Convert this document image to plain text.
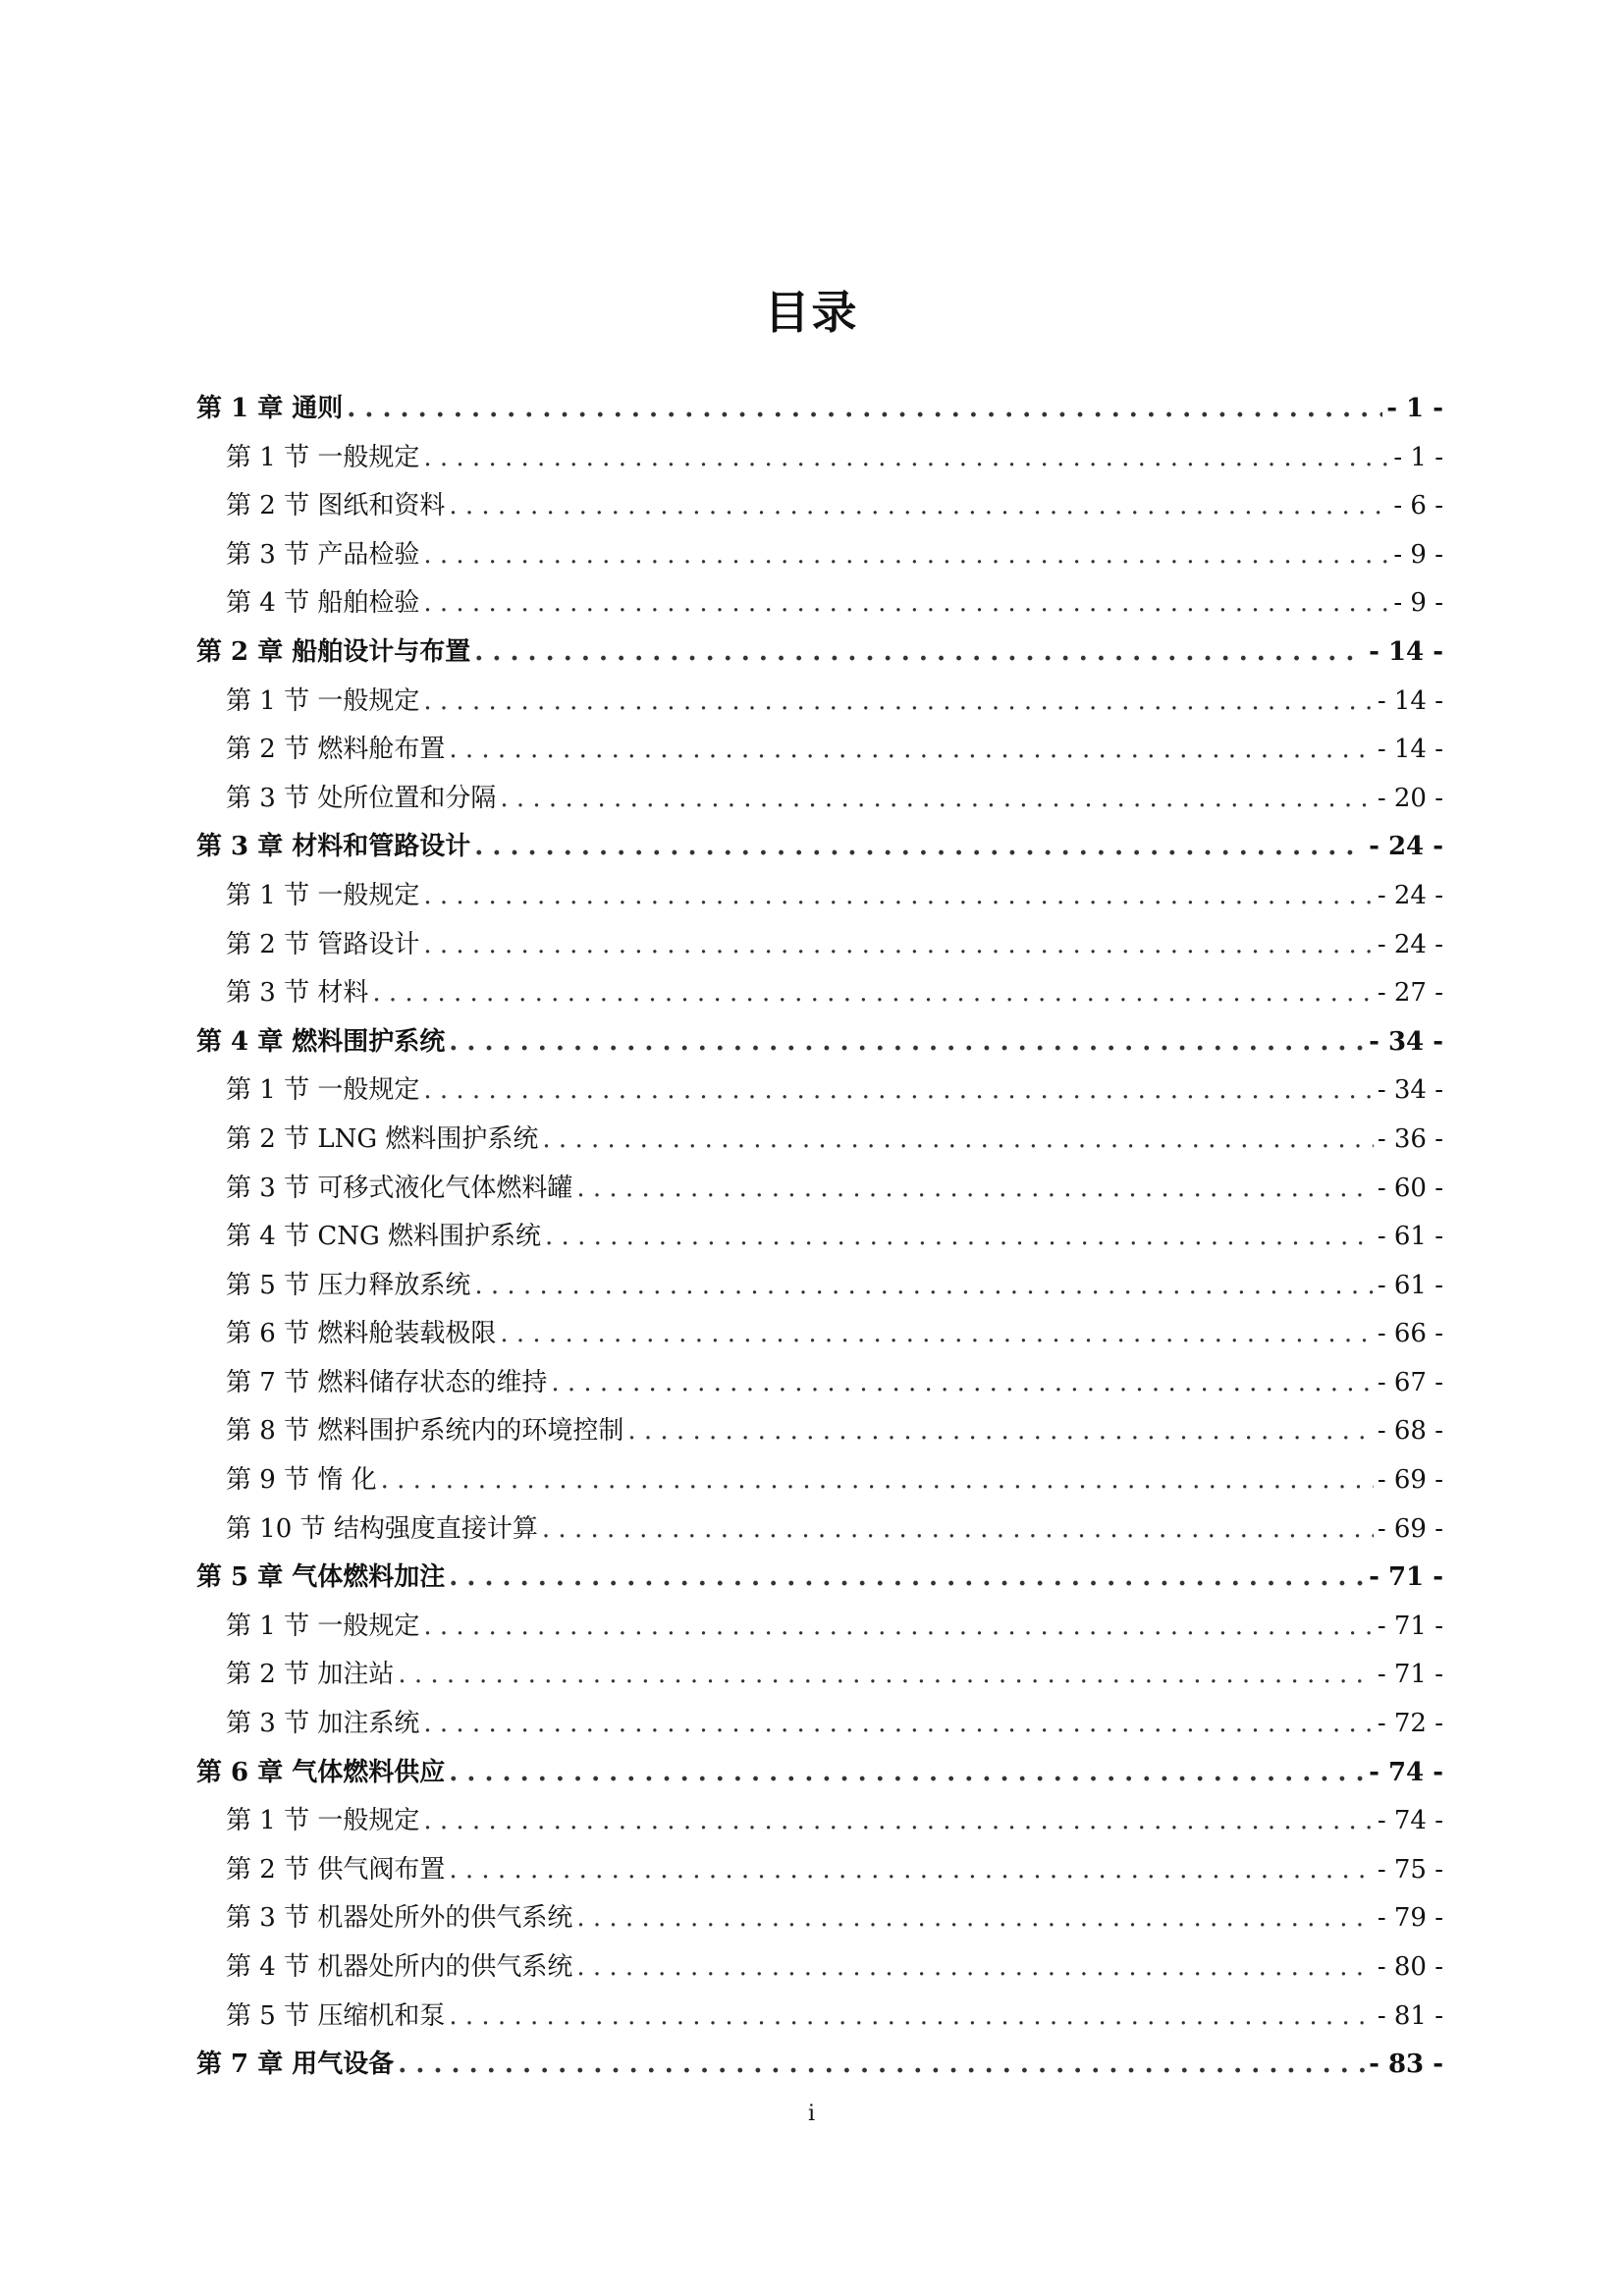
目录
第 1 章 通则 . . .	- 1 -
第 1 节 一般规定 . . .	- 1 -
第 2 节 图纸和资料 . . .	- 6 -
第 3 节 产品检验 . . .	- 9 -
第 4 节 船舶检验 . . .	- 9 -
第 2 章 船舶设计与布置 . . .	- 14 -
第 1 节 一般规定 . . .	- 14 -
第 2 节 燃料舱布置 . . .	- 14 -
第 3 节 处所位置和分隔 . . .	- 20 -
第 3 章 材料和管路设计 . . .	- 24 -
第 1 节 一般规定 . . .	- 24 -
第 2 节 管路设计 . . .	- 24 -
第 3 节 材料 . . .	- 27 -
第 4 章 燃料围护系统 . . .	- 34 -
第 1 节 一般规定 . . .	- 34 -
第 2 节 LNG 燃料围护系统 . . .	- 36 -
第 3 节 可移式液化气体燃料罐 . . .	- 60 -
第 4 节 CNG 燃料围护系统 . . .	- 61 -
第 5 节 压力释放系统 . . .	- 61 -
第 6 节 燃料舱装载极限 . . .	- 66 -
第 7 节 燃料储存状态的维持 . . .	- 67 -
第 8 节 燃料围护系统内的环境控制 . . .	- 68 -
第 9 节 惰 化 . . .	- 69 -
第 10 节 结构强度直接计算 . . .	- 69 -
第 5 章 气体燃料加注 . . .	- 71 -
第 1 节 一般规定 . . .	- 71 -
第 2 节 加注站 . . .	- 71 -
第 3 节 加注系统 . . .	- 72 -
第 6 章 气体燃料供应 . . .	- 74 -
第 1 节 一般规定 . . .	- 74 -
第 2 节 供气阀布置 . . .	- 75 -
第 3 节 机器处所外的供气系统 . . .	- 79 -
第 4 节 机器处所内的供气系统 . . .	- 80 -
第 5 节 压缩机和泵 . . .	- 81 -
第 7 章 用气设备 . . .	- 83 -
i
